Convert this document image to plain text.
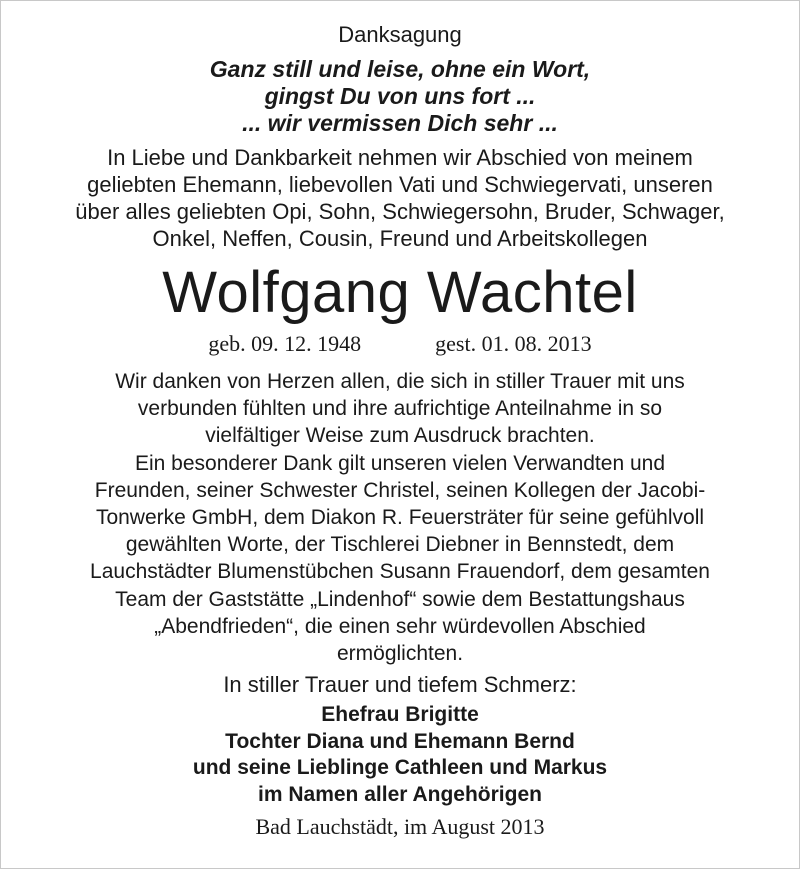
Danksagung
Ganz still und leise, ohne ein Wort,
gingst Du von uns fort ...
... wir vermissen Dich sehr ...
In Liebe und Dankbarkeit nehmen wir Abschied von meinem
geliebten Ehemann, liebevollen Vati und Schwiegervati, unseren
über alles geliebten Opi, Sohn, Schwiegersohn, Bruder, Schwager,
Onkel, Neffen, Cousin, Freund und Arbeitskollegen
Wolfgang Wachtel
geb. 09. 12. 1948	gest. 01. 08. 2013
Wir danken von Herzen allen, die sich in stiller Trauer mit uns
verbunden fühlten und ihre aufrichtige Anteilnahme in so
vielfältiger Weise zum Ausdruck brachten.
Ein besonderer Dank gilt unseren vielen Verwandten und
Freunden, seiner Schwester Christel, seinen Kollegen der Jacobi-
Tonwerke GmbH, dem Diakon R. Feuersträter für seine gefühlvoll
gewählten Worte, der Tischlerei Diebner in Bennstedt, dem
Lauchstädter Blumenstübchen Susann Frauendorf, dem gesamten
Team der Gaststätte „Lindenhof“ sowie dem Bestattungshaus
„Abendfrieden“, die einen sehr würdevollen Abschied
ermöglichten.
In stiller Trauer und tiefem Schmerz:
Ehefrau Brigitte
Tochter Diana und Ehemann Bernd
und seine Lieblinge Cathleen und Markus
im Namen aller Angehörigen
Bad Lauchstädt, im August 2013
